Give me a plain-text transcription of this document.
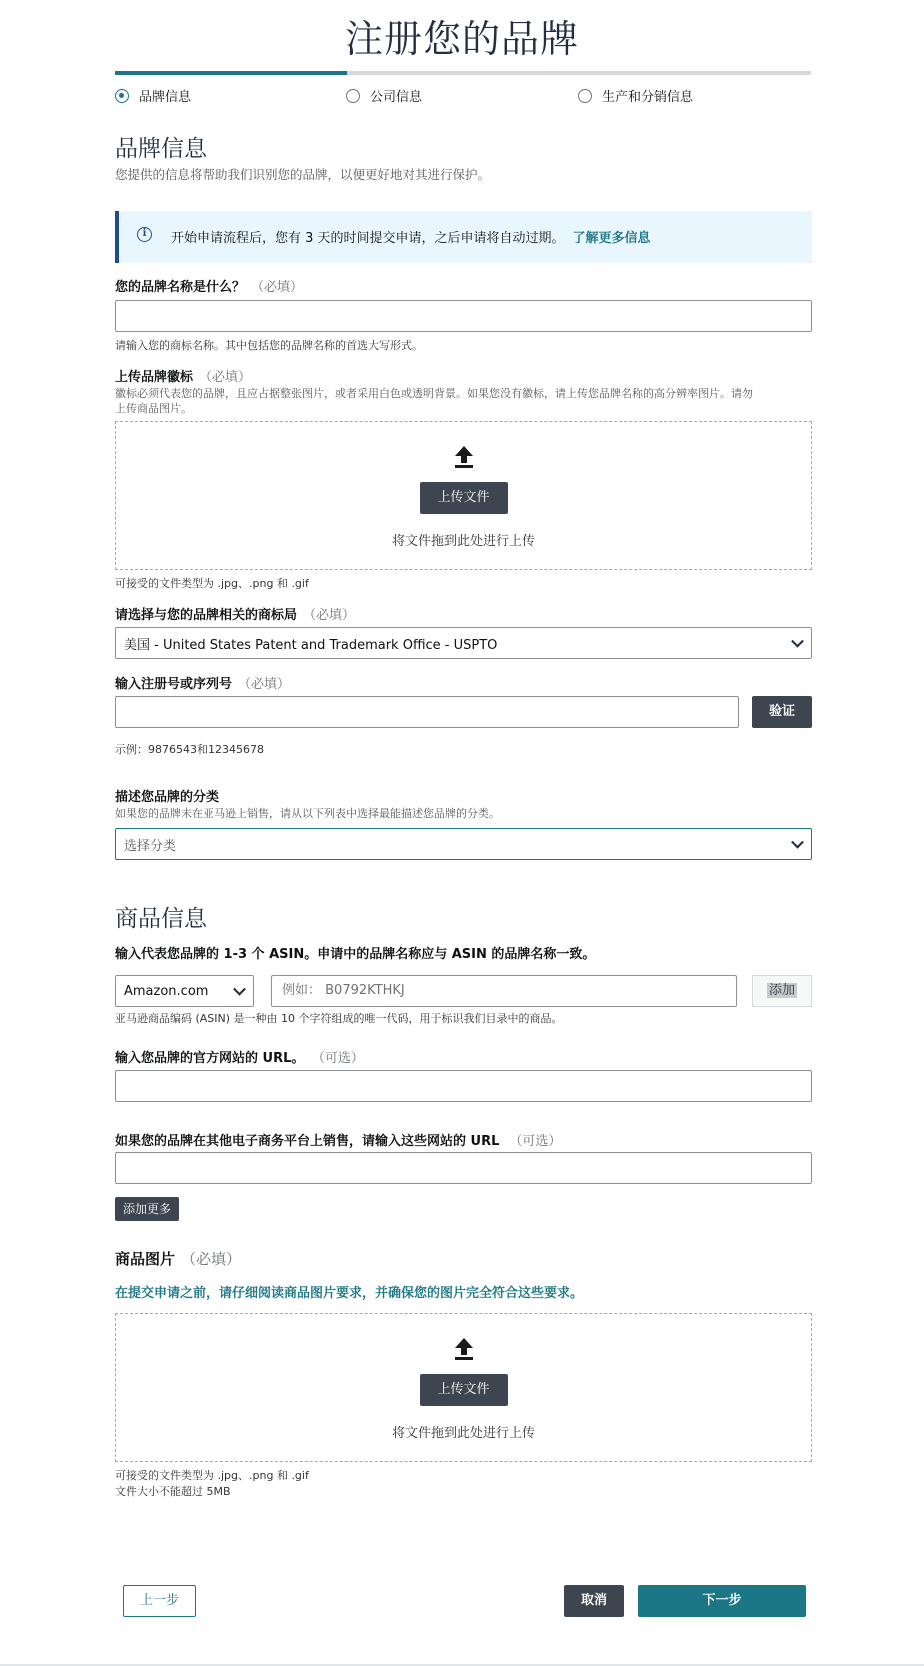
注册您的品牌
品牌信息	公司信息	生产和分销信息
品牌信息
您提供的信息将帮助我们识别您的品牌，以便更好地对其进行保护。
i	开始申请流程后，您有 3 天的时间提交申请，之后申请将自动过期。 了解更多信息
您的品牌名称是什么？ （必填）
请输入您的商标名称。其中包括您的品牌名称的首选大写形式。
上传品牌徽标 （必填）
徽标必须代表您的品牌，且应占据整张图片，或者采用白色或透明背景。如果您没有徽标，请上传您品牌名称的高分辨率图片。请勿
上传商品图片。
上传文件
将文件拖到此处进行上传
可接受的文件类型为 .jpg、.png 和 .gif
请选择与您的品牌相关的商标局 （必填）
美国 - United States Patent and Trademark Office - USPTO
输入注册号或序列号 （必填）
验证
示例：9876543和12345678
描述您品牌的分类
如果您的品牌未在亚马逊上销售，请从以下列表中选择最能描述您品牌的分类。
选择分类
商品信息
输入代表您品牌的 1-3 个 ASIN。申请中的品牌名称应与 ASIN 的品牌名称一致。
Amazon.com	例如： B0792KTHKJ	添加
亚马逊商品编码 (ASIN) 是一种由 10 个字符组成的唯一代码，用于标识我们目录中的商品。
输入您品牌的官方网站的 URL。 （可选）
如果您的品牌在其他电子商务平台上销售，请输入这些网站的 URL （可选）
添加更多
商品图片 （必填）
在提交申请之前，请仔细阅读商品图片要求，并确保您的图片完全符合这些要求。
上传文件
将文件拖到此处进行上传
可接受的文件类型为 .jpg、.png 和 .gif
文件大小不能超过 5MB
上一步	取消	下一步
